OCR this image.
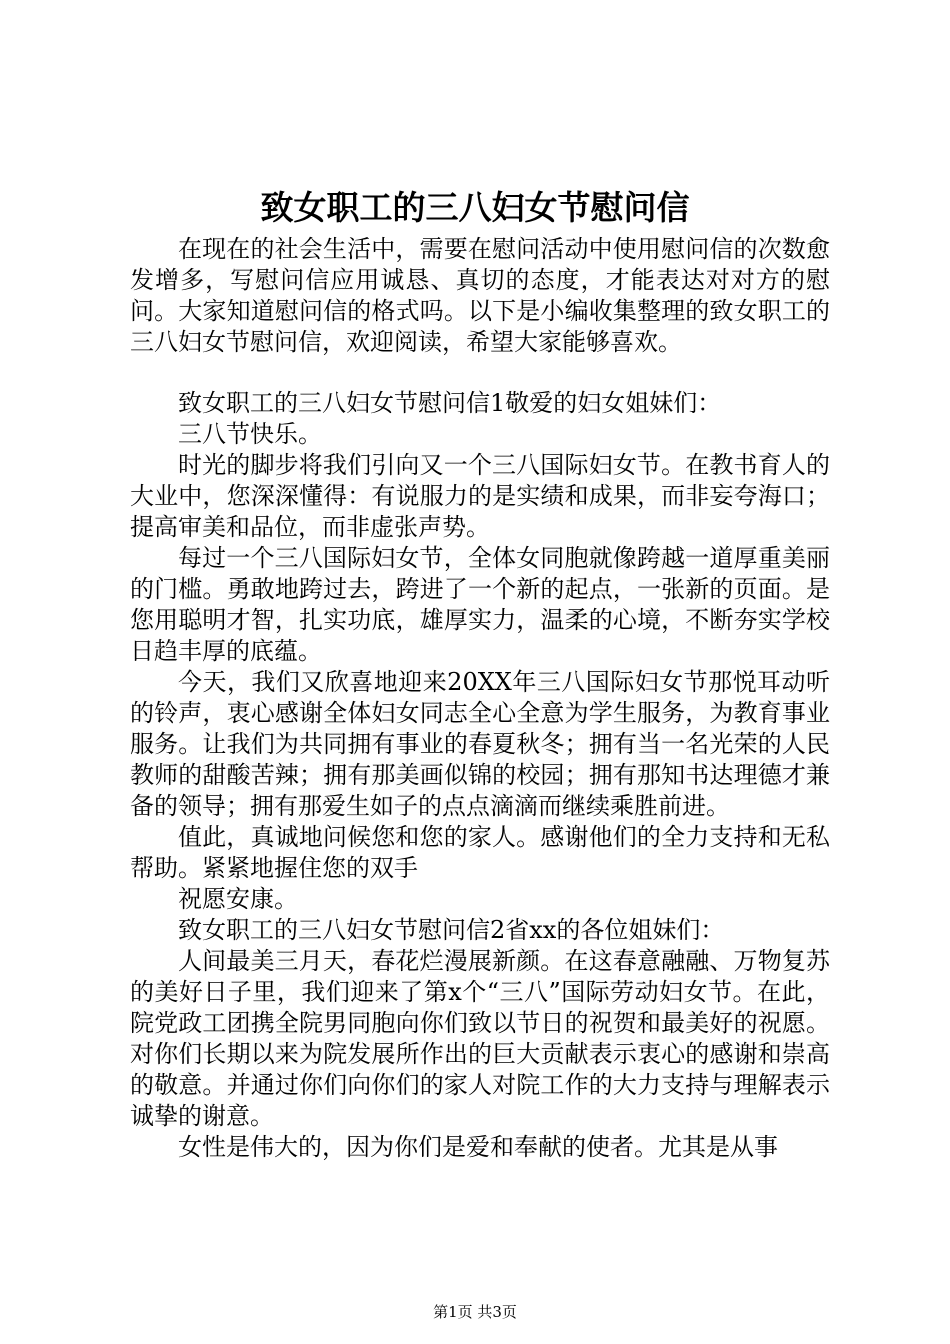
致女职工的三八妇女节慰问信

在现在的社会生活中，需要在慰问活动中使用慰问信的次数愈发增多，写慰问信应用诚恳、真切的态度，才能表达对对方的慰问。大家知道慰问信的格式吗。以下是小编收集整理的致女职工的三八妇女节慰问信，欢迎阅读，希望大家能够喜欢。

致女职工的三八妇女节慰问信1敬爱的妇女姐妹们：

三八节快乐。

时光的脚步将我们引向又一个三八国际妇女节。在教书育人的大业中，您深深懂得：有说服力的是实绩和成果，而非妄夸海口；提高审美和品位，而非虚张声势。

每过一个三八国际妇女节，全体女同胞就像跨越一道厚重美丽的门槛。勇敢地跨过去，跨进了一个新的起点，一张新的页面。是您用聪明才智，扎实功底，雄厚实力，温柔的心境，不断夯实学校日趋丰厚的底蕴。

今天，我们又欣喜地迎来20XX年三八国际妇女节那悦耳动听的铃声，衷心感谢全体妇女同志全心全意为学生服务，为教育事业服务。让我们为共同拥有事业的春夏秋冬；拥有当一名光荣的人民教师的甜酸苦辣；拥有那美画似锦的校园；拥有那知书达理德才兼备的领导；拥有那爱生如子的点点滴滴而继续乘胜前进。

值此，真诚地问候您和您的家人。感谢他们的全力支持和无私帮助。紧紧地握住您的双手

祝愿安康。

致女职工的三八妇女节慰问信2省xx的各位姐妹们：

人间最美三月天，春花烂漫展新颜。在这春意融融、万物复苏的美好日子里，我们迎来了第x个“三八”国际劳动妇女节。在此，院党政工团携全院男同胞向你们致以节日的祝贺和最美好的祝愿。对你们长期以来为院发展所作出的巨大贡献表示衷心的感谢和崇高的敬意。并通过你们向你们的家人对院工作的大力支持与理解表示诚挚的谢意。

女性是伟大的，因为你们是爱和奉献的使者。尤其是从事

第1页 共3页
